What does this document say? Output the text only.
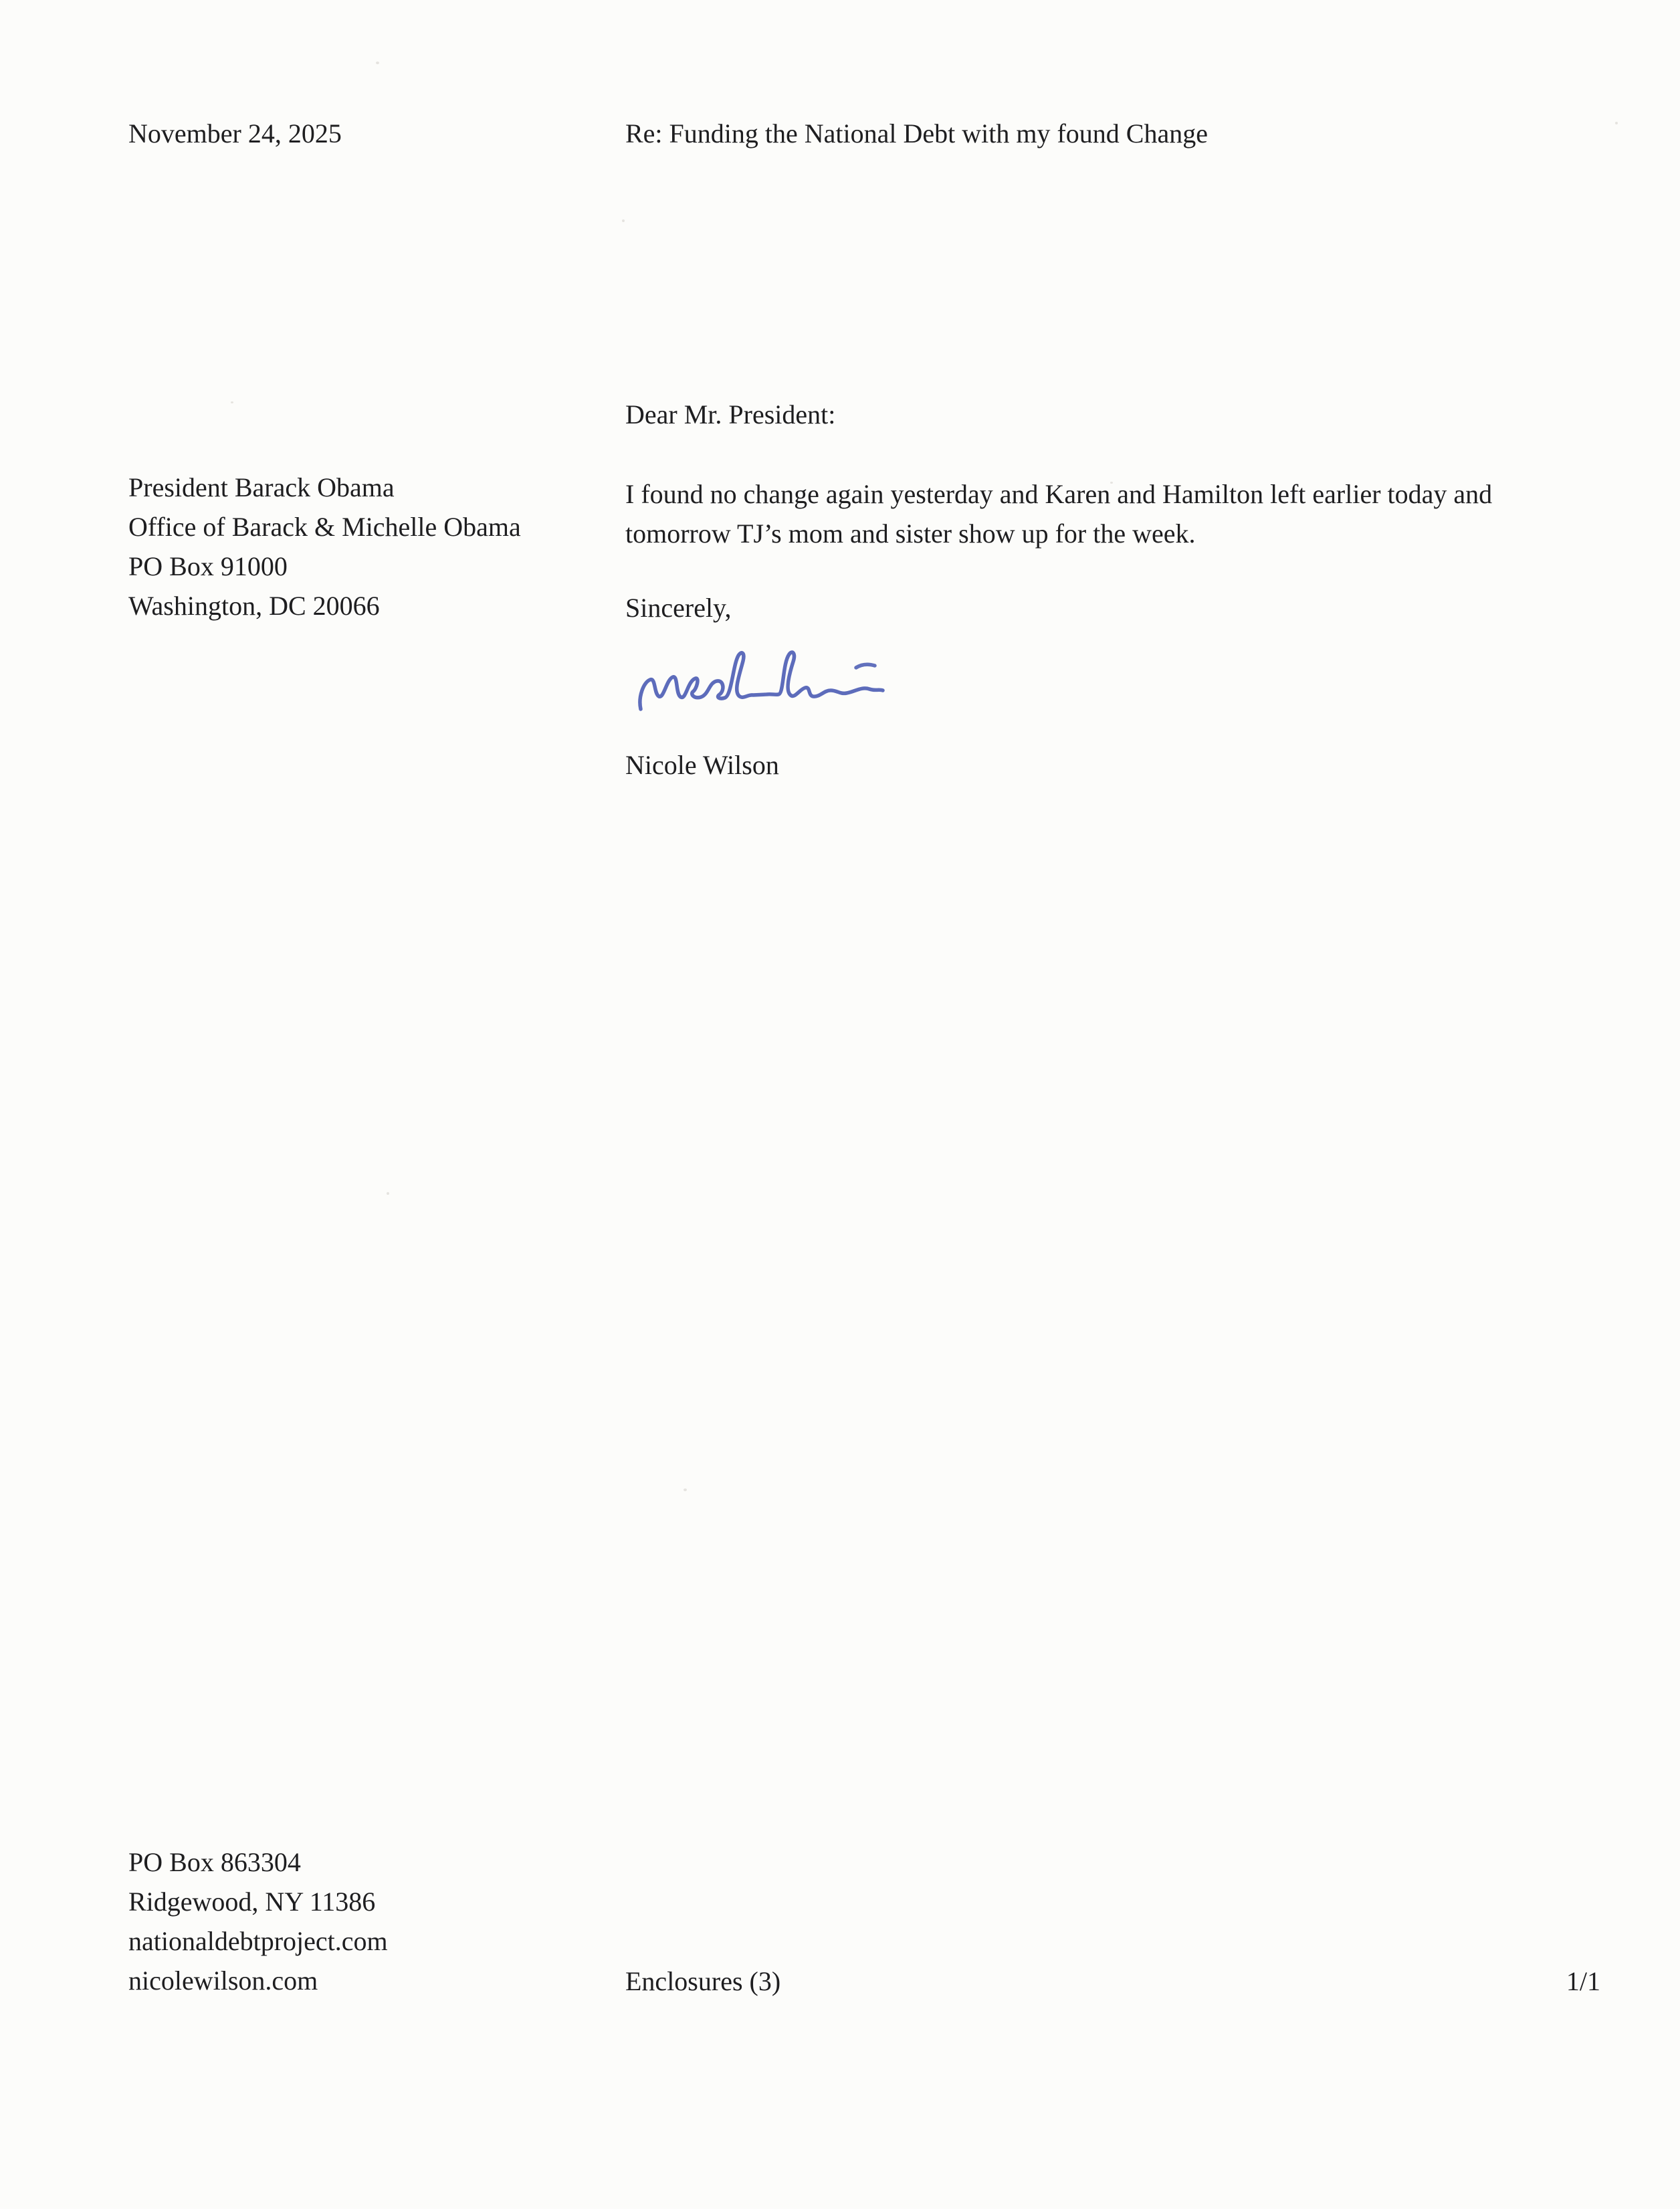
November 24, 2025	Re: Funding the National Debt with my found Change
President Barack Obama
Office of Barack & Michelle Obama
PO Box 91000
Washington, DC 20066
Dear Mr. President:
I found no change again yesterday and Karen and Hamilton left earlier today and tomorrow TJ’s mom and sister show up for the week.
Sincerely,
Nicole Wilson
PO Box 863304
Ridgewood, NY 11386
nationaldebtproject.com
nicolewilson.com	Enclosures (3)	1/1
